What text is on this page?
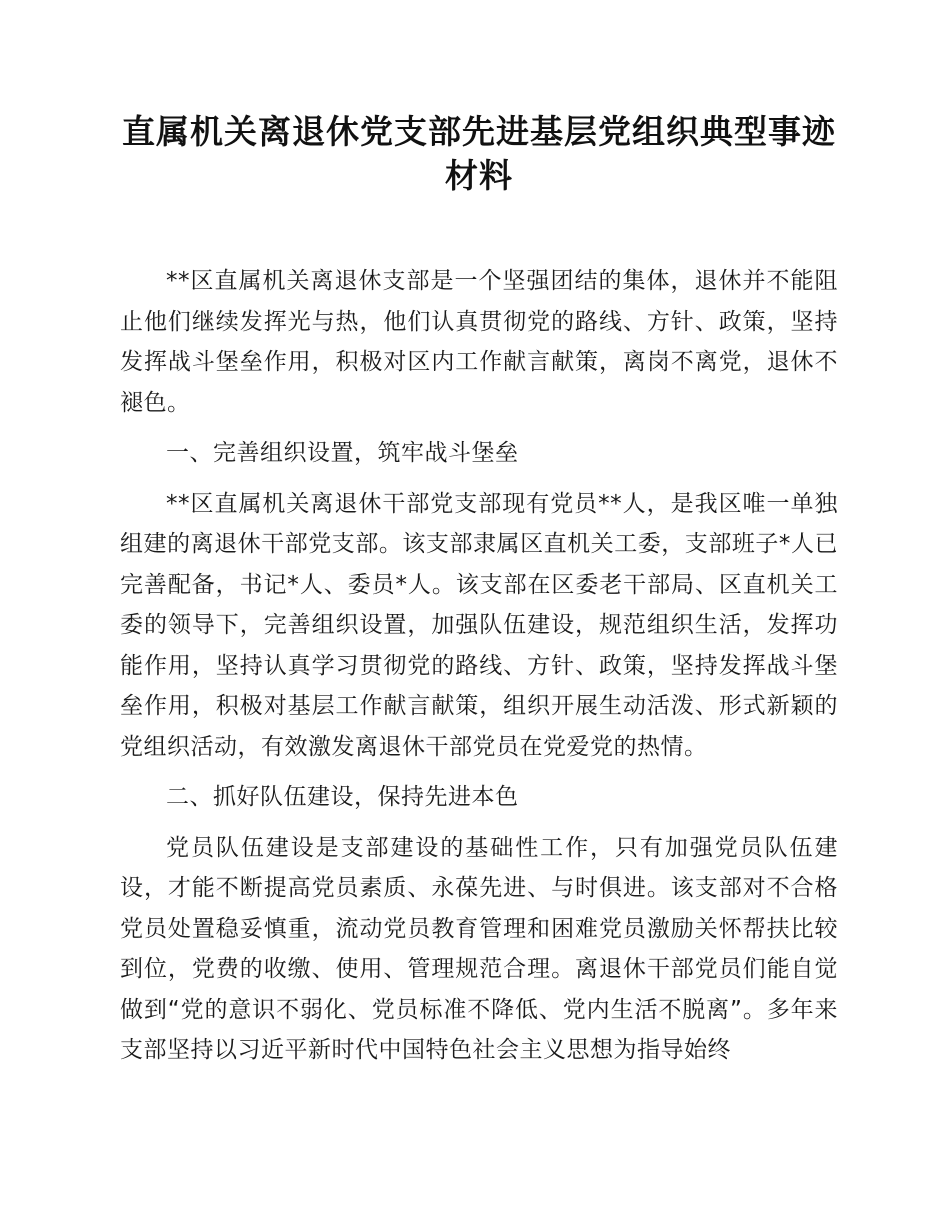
直属机关离退休党支部先进基层党组织典型事迹
材料

**区直属机关离退休支部是一个坚强团结的集体，退休并不能阻止他们继续发挥光与热，他们认真贯彻党的路线、方针、政策，坚持发挥战斗堡垒作用，积极对区内工作献言献策，离岗不离党，退休不褪色。

一、完善组织设置，筑牢战斗堡垒

**区直属机关离退休干部党支部现有党员**人，是我区唯一单独组建的离退休干部党支部。该支部隶属区直机关工委，支部班子*人已完善配备，书记*人、委员*人。该支部在区委老干部局、区直机关工委的领导下，完善组织设置，加强队伍建设，规范组织生活，发挥功能作用，坚持认真学习贯彻党的路线、方针、政策，坚持发挥战斗堡垒作用，积极对基层工作献言献策，组织开展生动活泼、形式新颖的党组织活动，有效激发离退休干部党员在党爱党的热情。

二、抓好队伍建设，保持先进本色

党员队伍建设是支部建设的基础性工作，只有加强党员队伍建设，才能不断提高党员素质、永葆先进、与时俱进。该支部对不合格党员处置稳妥慎重，流动党员教育管理和困难党员激励关怀帮扶比较到位，党费的收缴、使用、管理规范合理。离退休干部党员们能自觉做到“党的意识不弱化、党员标准不降低、党内生活不脱离”。多年来支部坚持以习近平新时代中国特色社会主义思想为指导始终
